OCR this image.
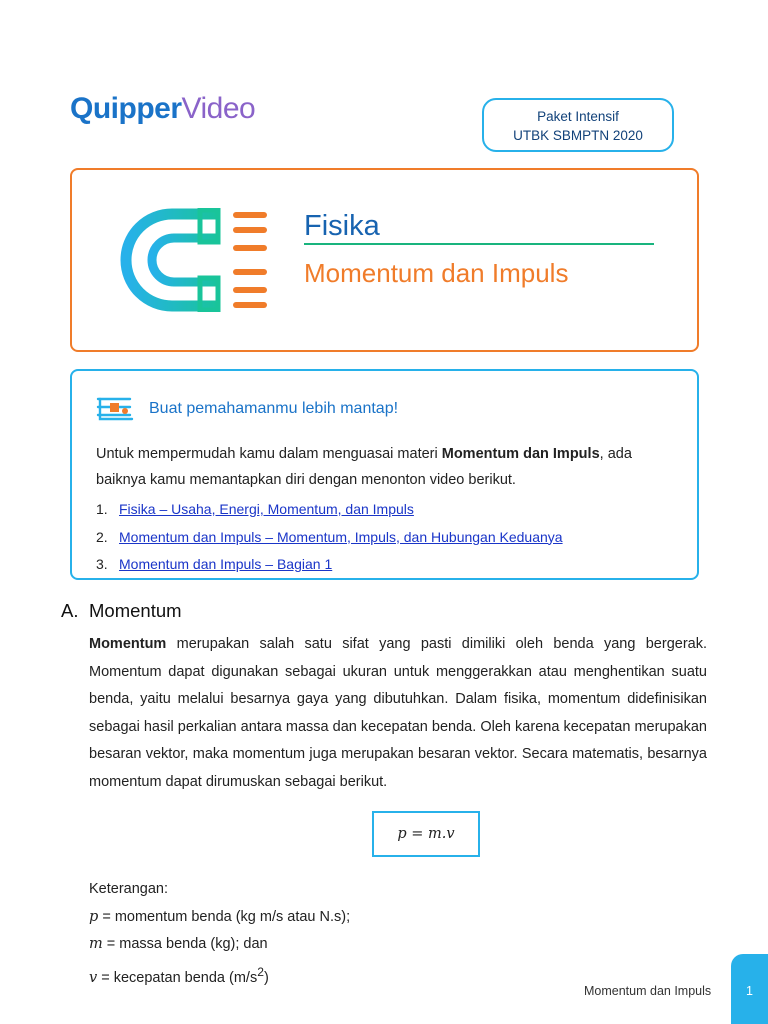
QuipperVideo	Paket Intensif
UTBK SBMPTN 2020
Fisika
Momentum dan Impuls
Buat pemahamanmu lebih mantap!
Untuk mempermudah kamu dalam menguasai materi Momentum dan Impuls, ada baiknya kamu memantapkan diri dengan menonton video berikut.
1. Fisika – Usaha, Energi, Momentum, dan Impuls
2. Momentum dan Impuls – Momentum, Impuls, dan Hubungan Keduanya
3. Momentum dan Impuls – Bagian 1
A. Momentum
Momentum merupakan salah satu sifat yang pasti dimiliki oleh benda yang bergerak. Momentum dapat digunakan sebagai ukuran untuk menggerakkan atau menghentikan suatu benda, yaitu melalui besarnya gaya yang dibutuhkan. Dalam fisika, momentum didefinisikan sebagai hasil perkalian antara massa dan kecepatan benda. Oleh karena kecepatan merupakan besaran vektor, maka momentum juga merupakan besaran vektor. Secara matematis, besarnya momentum dapat dirumuskan sebagai berikut.
p = m.v
Keterangan:
p = momentum benda (kg m/s atau N.s);
m = massa benda (kg); dan
v = kecepatan benda $(m/s^2)$
Momentum dan Impuls	1
